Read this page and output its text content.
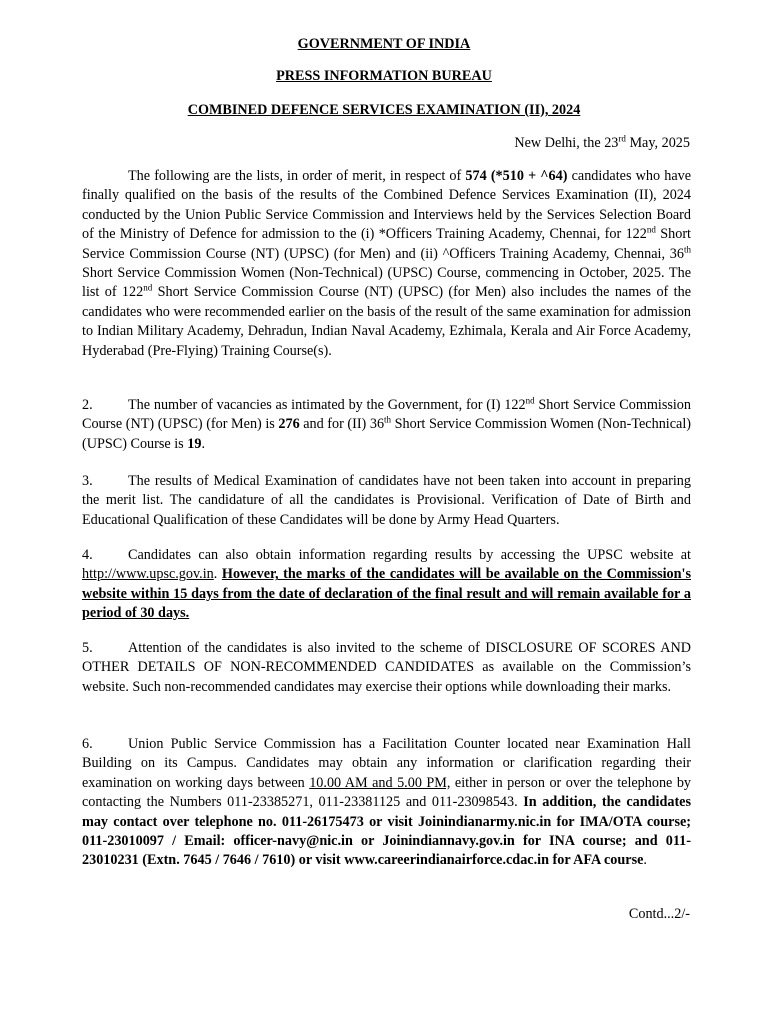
GOVERNMENT OF INDIA
PRESS INFORMATION BUREAU
COMBINED DEFENCE SERVICES EXAMINATION (II), 2024
New Delhi, the 23rd May, 2025
The following are the lists, in order of merit, in respect of 574 (*510 + ^64) candidates who have finally qualified on the basis of the results of the Combined Defence Services Examination (II), 2024 conducted by the Union Public Service Commission and Interviews held by the Services Selection Board of the Ministry of Defence for admission to the (i) *Officers Training Academy, Chennai, for 122nd Short Service Commission Course (NT) (UPSC) (for Men) and (ii) ^Officers Training Academy, Chennai, 36th Short Service Commission Women (Non-Technical) (UPSC) Course, commencing in October, 2025. The list of 122nd Short Service Commission Course (NT) (UPSC) (for Men) also includes the names of the candidates who were recommended earlier on the basis of the result of the same examination for admission to Indian Military Academy, Dehradun, Indian Naval Academy, Ezhimala, Kerala and Air Force Academy, Hyderabad (Pre-Flying) Training Course(s).
2. The number of vacancies as intimated by the Government, for (I) 122nd Short Service Commission Course (NT) (UPSC) (for Men) is 276 and for (II) 36th Short Service Commission Women (Non-Technical) (UPSC) Course is 19.
3. The results of Medical Examination of candidates have not been taken into account in preparing the merit list. The candidature of all the candidates is Provisional. Verification of Date of Birth and Educational Qualification of these Candidates will be done by Army Head Quarters.
4. Candidates can also obtain information regarding results by accessing the UPSC website at http://www.upsc.gov.in. However, the marks of the candidates will be available on the Commission's website within 15 days from the date of declaration of the final result and will remain available for a period of 30 days.
5. Attention of the candidates is also invited to the scheme of DISCLOSURE OF SCORES AND OTHER DETAILS OF NON-RECOMMENDED CANDIDATES as available on the Commission’s website. Such non-recommended candidates may exercise their options while downloading their marks.
6. Union Public Service Commission has a Facilitation Counter located near Examination Hall Building on its Campus. Candidates may obtain any information or clarification regarding their examination on working days between 10.00 AM and 5.00 PM, either in person or over the telephone by contacting the Numbers 011-23385271, 011-23381125 and 011-23098543. In addition, the candidates may contact over telephone no. 011-26175473 or visit Joinindianarmy.nic.in for IMA/OTA course; 011-23010097 / Email: officer-navy@nic.in or Joinindiannavy.gov.in for INA course; and 011-23010231 (Extn. 7645 / 7646 / 7610) or visit www.careerindianairforce.cdac.in for AFA course.
Contd...2/-
